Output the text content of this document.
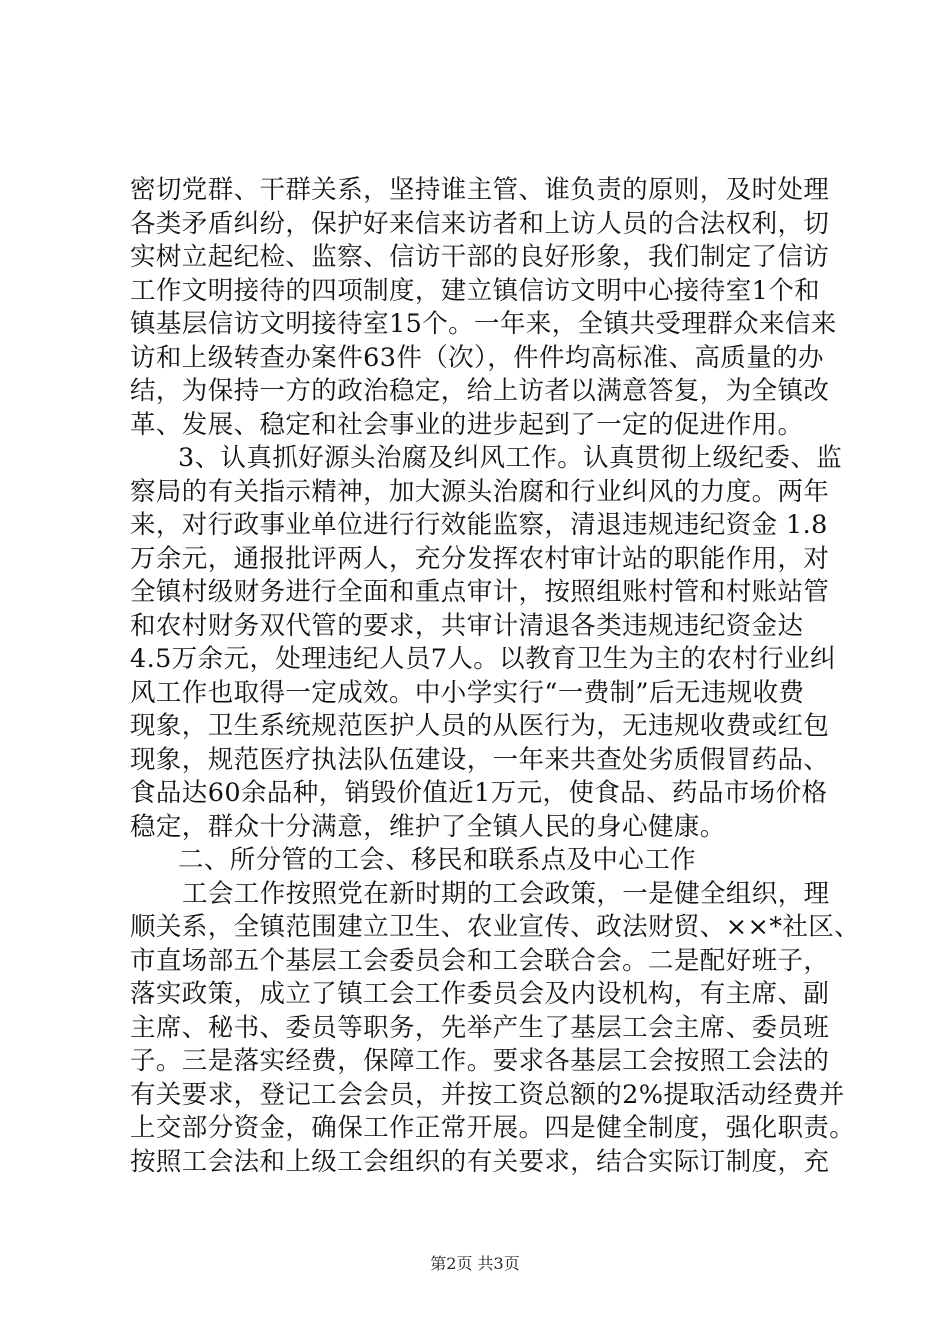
密切党群、干群关系，坚持谁主管、谁负责的原则，及时处理
各类矛盾纠纷，保护好来信来访者和上访人员的合法权利，切
实树立起纪检、监察、信访干部的良好形象，我们制定了信访
工作文明接待的四项制度，建立镇信访文明中心接待室1个和
镇基层信访文明接待室15个。一年来，全镇共受理群众来信来
访和上级转查办案件63件（次），件件均高标准、高质量的办
结，为保持一方的政治稳定，给上访者以满意答复，为全镇改
革、发展、稳定和社会事业的进步起到了一定的促进作用。
3、认真抓好源头治腐及纠风工作。认真贯彻上级纪委、监
察局的有关指示精神，加大源头治腐和行业纠风的力度。两年
来，对行政事业单位进行行效能监察，清退违规违纪资金 1.8
万余元，通报批评两人，充分发挥农村审计站的职能作用，对
全镇村级财务进行全面和重点审计，按照组账村管和村账站管
和农村财务双代管的要求，共审计清退各类违规违纪资金达
4.5万余元，处理违纪人员7人。以教育卫生为主的农村行业纠
风工作也取得一定成效。中小学实行“一费制”后无违规收费
现象，卫生系统规范医护人员的从医行为，无违规收费或红包
现象，规范医疗执法队伍建设，一年来共查处劣质假冒药品、
食品达60余品种，销毁价值近1万元，使食品、药品市场价格
稳定，群众十分满意，维护了全镇人民的身心健康。
二、所分管的工会、移民和联系点及中心工作
工会工作按照党在新时期的工会政策，一是健全组织，理
顺关系，全镇范围建立卫生、农业宣传、政法财贸、××*社区、
市直场部五个基层工会委员会和工会联合会。二是配好班子，
落实政策，成立了镇工会工作委员会及内设机构，有主席、副
主席、秘书、委员等职务，先举产生了基层工会主席、委员班
子。三是落实经费，保障工作。要求各基层工会按照工会法的
有关要求，登记工会会员，并按工资总额的2%提取活动经费并
上交部分资金，确保工作正常开展。四是健全制度，强化职责。
按照工会法和上级工会组织的有关要求，结合实际订制度，充
第2页 共3页
